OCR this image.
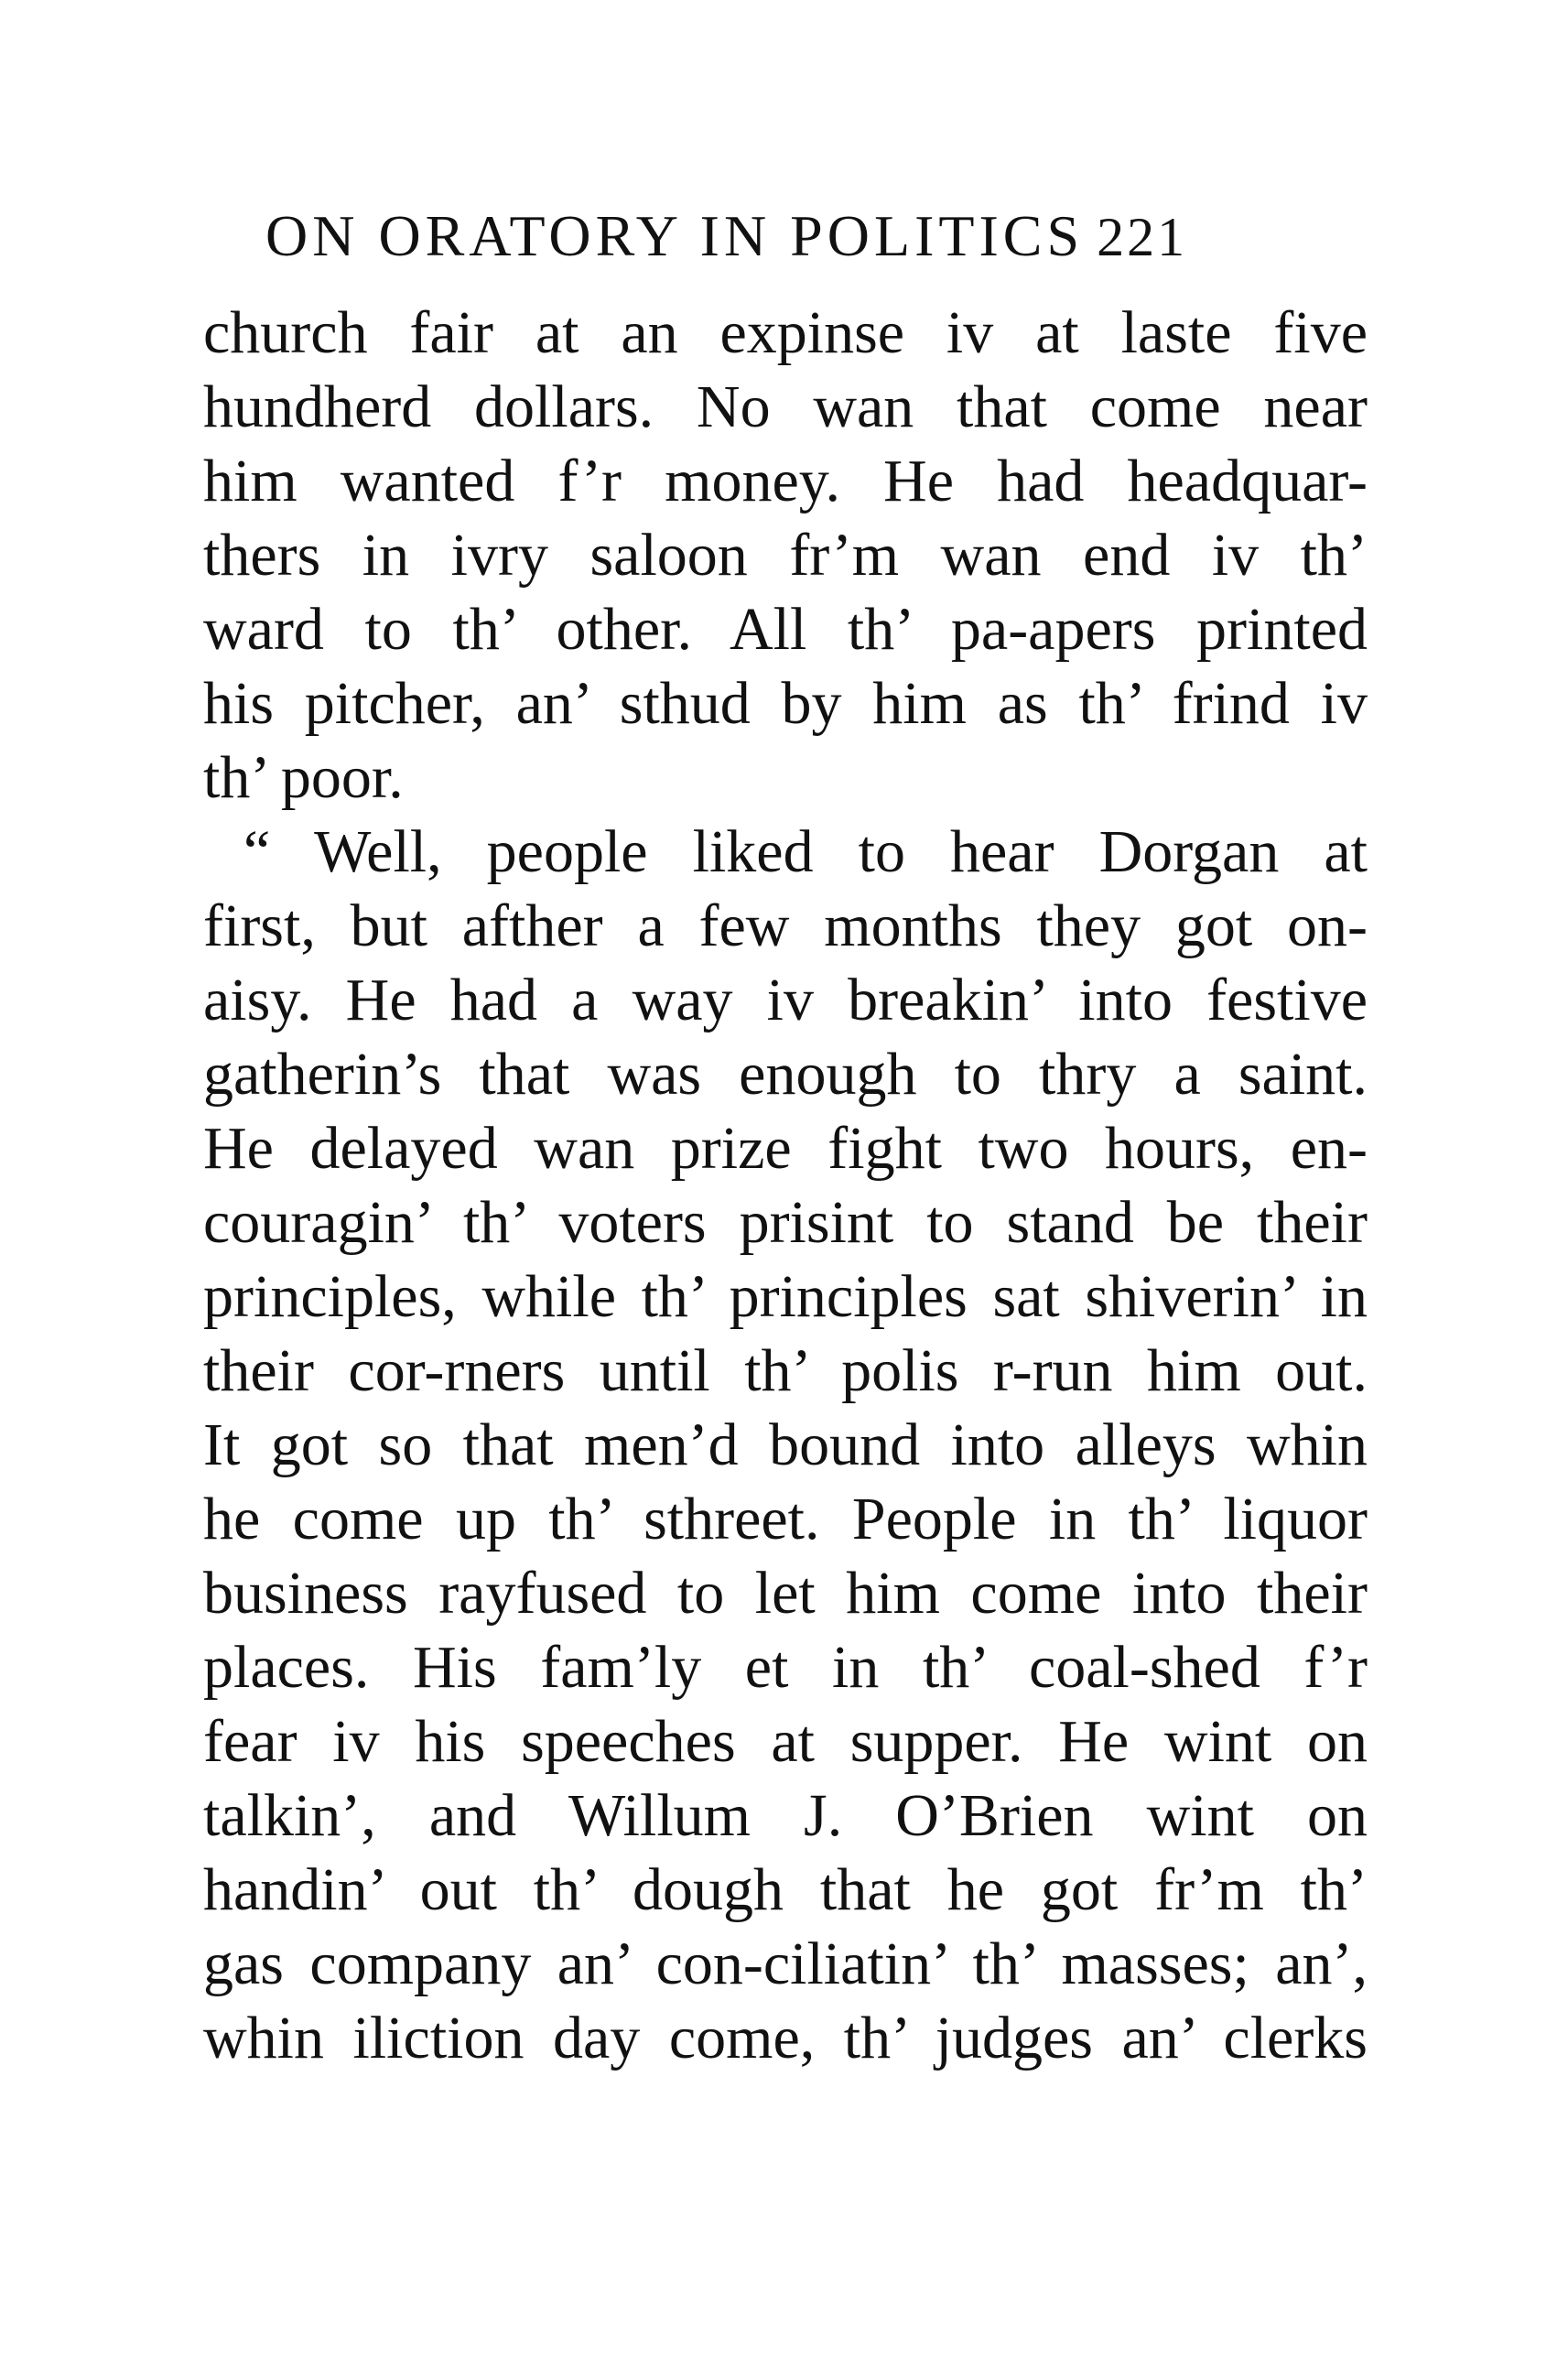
ON ORATORY IN POLITICS 221
church fair at an expinse iv at laste five
hundherd dollars. No wan that come near
him wanted f’r money. He had headquar-
thers in ivry saloon fr’m wan end iv th’
ward to th’ other. All th’ pa-apers printed
his pitcher, an’ sthud by him as th’ frind iv
th’ poor.
“ Well, people liked to hear Dorgan at
first, but afther a few months they got on-
aisy. He had a way iv breakin’ into festive
gatherin’s that was enough to thry a saint.
He delayed wan prize fight two hours, en-
couragin’ th’ voters prisint to stand be their
principles, while th’ principles sat shiverin’ in
their cor-rners until th’ polis r-run him out.
It got so that men’d bound into alleys whin
he come up th’ sthreet. People in th’ liquor
business rayfused to let him come into their
places. His fam’ly et in th’ coal-shed f’r
fear iv his speeches at supper. He wint on
talkin’, and Willum J. O’Brien wint on
handin’ out th’ dough that he got fr’m th’
gas company an’ con-ciliatin’ th’ masses; an’,
whin iliction day come, th’ judges an’ clerks
